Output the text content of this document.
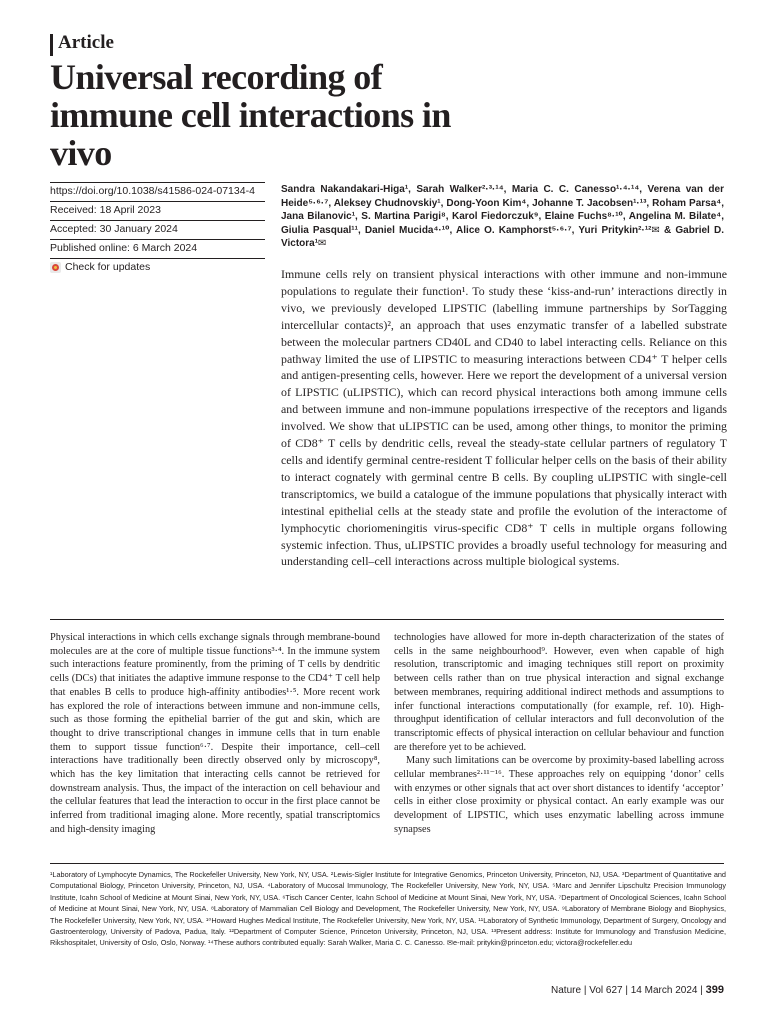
Article
Universal recording of immune cell interactions in vivo
https://doi.org/10.1038/s41586-024-07134-4
Received: 18 April 2023
Accepted: 30 January 2024
Published online: 6 March 2024
Check for updates
Sandra Nakandakari-Higa¹, Sarah Walker²·³·¹⁴, Maria C. C. Canesso¹·⁴·¹⁴, Verena van der Heide⁵·⁶·⁷, Aleksey Chudnovskiy¹, Dong-Yoon Kim⁴, Johanne T. Jacobsen¹·¹³, Roham Parsa⁴, Jana Bilanovic¹, S. Martina Parigi⁸, Karol Fiedorczuk⁹, Elaine Fuchs⁸·¹⁰, Angelina M. Bilate⁴, Giulia Pasqual¹¹, Daniel Mucida⁴·¹⁰, Alice O. Kamphorst⁵·⁶·⁷, Yuri Pritykin²·¹²✉ & Gabriel D. Victora¹✉
Immune cells rely on transient physical interactions with other immune and non-immune populations to regulate their function¹. To study these ‘kiss-and-run’ interactions directly in vivo, we previously developed LIPSTIC (labelling immune partnerships by SorTagging intercellular contacts)², an approach that uses enzymatic transfer of a labelled substrate between the molecular partners CD40L and CD40 to label interacting cells. Reliance on this pathway limited the use of LIPSTIC to measuring interactions between CD4⁺ T helper cells and antigen-presenting cells, however. Here we report the development of a universal version of LIPSTIC (uLIPSTIC), which can record physical interactions both among immune cells and between immune and non-immune populations irrespective of the receptors and ligands involved. We show that uLIPSTIC can be used, among other things, to monitor the priming of CD8⁺ T cells by dendritic cells, reveal the steady-state cellular partners of regulatory T cells and identify germinal centre-resident T follicular helper cells on the basis of their ability to interact cognately with germinal centre B cells. By coupling uLIPSTIC with single-cell transcriptomics, we build a catalogue of the immune populations that physically interact with intestinal epithelial cells at the steady state and profile the evolution of the interactome of lymphocytic choriomeningitis virus-specific CD8⁺ T cells in multiple organs following systemic infection. Thus, uLIPSTIC provides a broadly useful technology for measuring and understanding cell–cell interactions across multiple biological systems.

Physical interactions in which cells exchange signals through membrane-bound molecules are at the core of multiple tissue functions³·⁴. In the immune system such interactions feature prominently, from the priming of T cells by dendritic cells (DCs) that initiates the adaptive immune response to the CD4⁺ T cell help that enables B cells to produce high-affinity antibodies¹·⁵. More recent work has explored the role of interactions between immune and non-immune cells, such as those forming the epithelial barrier of the gut and skin, which are thought to drive transcriptional changes in immune cells that in turn enable them to support tissue function⁶·⁷. Despite their importance, cell–cell interactions have traditionally been directly observed only by microscopy⁸, which has the key limitation that interacting cells cannot be retrieved for downstream analysis. Thus, the impact of the interaction on cell behaviour and the cellular features that lead the interaction to occur in the first place cannot be inferred from traditional imaging alone. More recently, spatial transcriptomics and high-density imaging

technologies have allowed for more in-depth characterization of the states of cells in the same neighbourhood⁹. However, even when capable of high resolution, transcriptomic and imaging techniques still report on proximity between cells rather than on true physical interaction and signal exchange between membranes, requiring additional indirect methods and assumptions to infer functional interactions computationally (for example, ref. 10). High-throughput identification of cellular interactors and full deconvolution of the transcriptomic effects of physical interaction on cellular behaviour and function are therefore yet to be achieved.

Many such limitations can be overcome by proximity-based labelling across cellular membranes²·¹¹⁻¹⁶. These approaches rely on equipping ‘donor’ cells with enzymes or other signals that act over short distances to identify ‘acceptor’ cells in either close proximity or physical contact. An early example was our development of LIPSTIC, which uses enzymatic labelling across immune synapses

¹Laboratory of Lymphocyte Dynamics, The Rockefeller University, New York, NY, USA. ²Lewis-Sigler Institute for Integrative Genomics, Princeton University, Princeton, NJ, USA. ³Department of Quantitative and Computational Biology, Princeton University, Princeton, NJ, USA. ⁴Laboratory of Mucosal Immunology, The Rockefeller University, New York, NY, USA. ⁵Marc and Jennifer Lipschultz Precision Immunology Institute, Icahn School of Medicine at Mount Sinai, New York, NY, USA. ⁶Tisch Cancer Center, Icahn School of Medicine at Mount Sinai, New York, NY, USA. ⁷Department of Oncological Sciences, Icahn School of Medicine at Mount Sinai, New York, NY, USA. ⁸Laboratory of Mammalian Cell Biology and Development, The Rockefeller University, New York, NY, USA. ⁹Laboratory of Membrane Biology and Biophysics, The Rockefeller University, New York, NY, USA. ¹⁰Howard Hughes Medical Institute, The Rockefeller University, New York, NY, USA. ¹¹Laboratory of Synthetic Immunology, Department of Surgery, Oncology and Gastroenterology, University of Padova, Padua, Italy. ¹²Department of Computer Science, Princeton University, Princeton, NJ, USA. ¹³Present address: Institute for Immunology and Transfusion Medicine, Rikshospitalet, University of Oslo, Oslo, Norway. ¹⁴These authors contributed equally: Sarah Walker, Maria C. C. Canesso. ✉e-mail: pritykin@princeton.edu; victora@rockefeller.edu
Nature | Vol 627 | 14 March 2024 | 399
